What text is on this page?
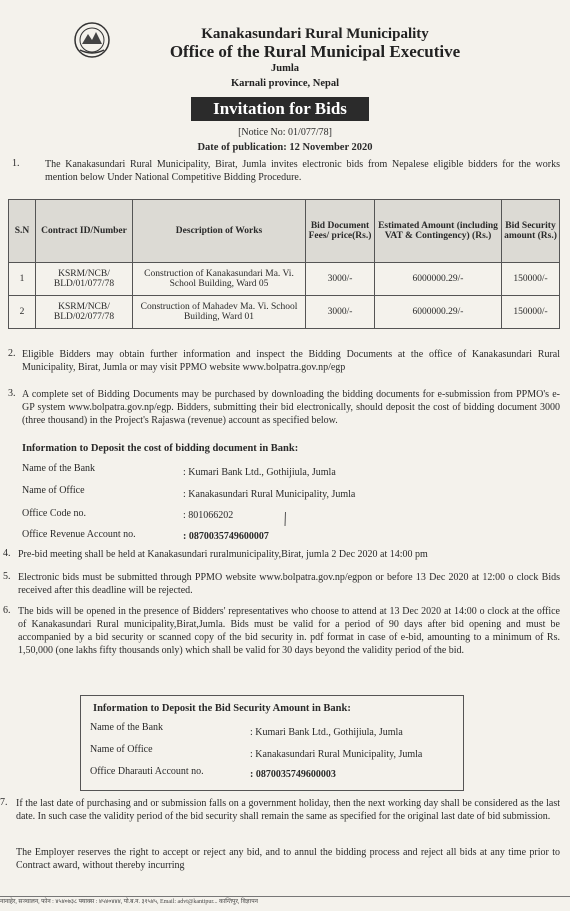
Kanakasundari Rural Municipality
Office of the Rural Municipal Executive
Jumla
Karnali province, Nepal
Invitation for Bids
[Notice No: 01/077/78]
Date of publication: 12 November 2020
1.	The Kanakasundari Rural Municipality, Birat, Jumla invites electronic bids from Nepalese eligible bidders for the works mention below Under National Competitive Bidding Procedure.
S.N	Contract ID/Number	Description of Works	Bid Document Fees/ price(Rs.)	Estimated Amount (including VAT & Contingency) (Rs.)	Bid Security amount (Rs.)
1	KSRM/NCB/ BLD/01/077/78	Construction of Kanakasundari Ma. Vi. School Building, Ward 05	3000/-	6000000.29/-	150000/-
2	KSRM/NCB/ BLD/02/077/78	Construction of Mahadev Ma. Vi. School Building, Ward 01	3000/-	6000000.29/-	150000/-
2. Eligible Bidders may obtain further information and inspect the Bidding Documents at the office of Kanakasundari Rural Municipality, Birat, Jumla or may visit PPMO website www.bolpatra.gov.np/egp
3. A complete set of Bidding Documents may be purchased by downloading the bidding documents for e-submission from PPMO's e-GP system www.bolpatra.gov.np/egp. Bidders, submitting their bid electronically, should deposit the cost of bidding document 3000 (three thousand) in the Project's Rajaswa (revenue) account as specified below.
Information to Deposit the cost of bidding document in Bank:
Name of the Bank	: Kumari Bank Ltd., Gothijiula, Jumla
Name of Office	: Kanakasundari Rural Municipality, Jumla
Office Code no.	: 801066202
Office Revenue Account no.	: 0870035749600007
4. Pre-bid meeting shall be held at Kanakasundari ruralmunicipality,Birat, jumla 2 Dec 2020 at 14:00 pm
5. Electronic bids must be submitted through PPMO website www.bolpatra.gov.np/egpon or before 13 Dec 2020 at 12:00 o clock Bids received after this deadline will be rejected.
6. The bids will be opened in the presence of Bidders' representatives who choose to attend at 13 Dec 2020 at 14:00 o clock at the office of Kanakasundari Rural municipality,Birat,Jumla. Bids must be valid for a period of 90 days after bid opening and must be accompanied by a bid security or scanned copy of the bid security in. pdf format in case of e-bid, amounting to a minimum of Rs. 1,50,000 (one lakhs fifty thousands only) which shall be valid for 30 days beyond the validity period of the bid.
Information to Deposit the Bid Security Amount in Bank:
Name of the Bank	: Kumari Bank Ltd., Gothijiula, Jumla
Name of Office	: Kanakasundari Rural Municipality, Jumla
Office Dharauti Account no.	: 0870035749600003
7. If the last date of purchasing and or submission falls on a government holiday, then the next working day shall be considered as the last date. In such case the validity period of the bid security shall remain the same as specified for the original last date of bid submission.
The Employer reserves the right to accept or reject any bid, and to annul the bidding process and reject all bids at any time prior to Contract award, without thereby incurring
नानाहेर, सञ्चालन, फोन : ४५४०७३८ फ्याक्स : ४५४०४४४, पो.ब.न. ३१५४५, Email: advt@kantipur... कान्तिपुर, विज्ञापन
